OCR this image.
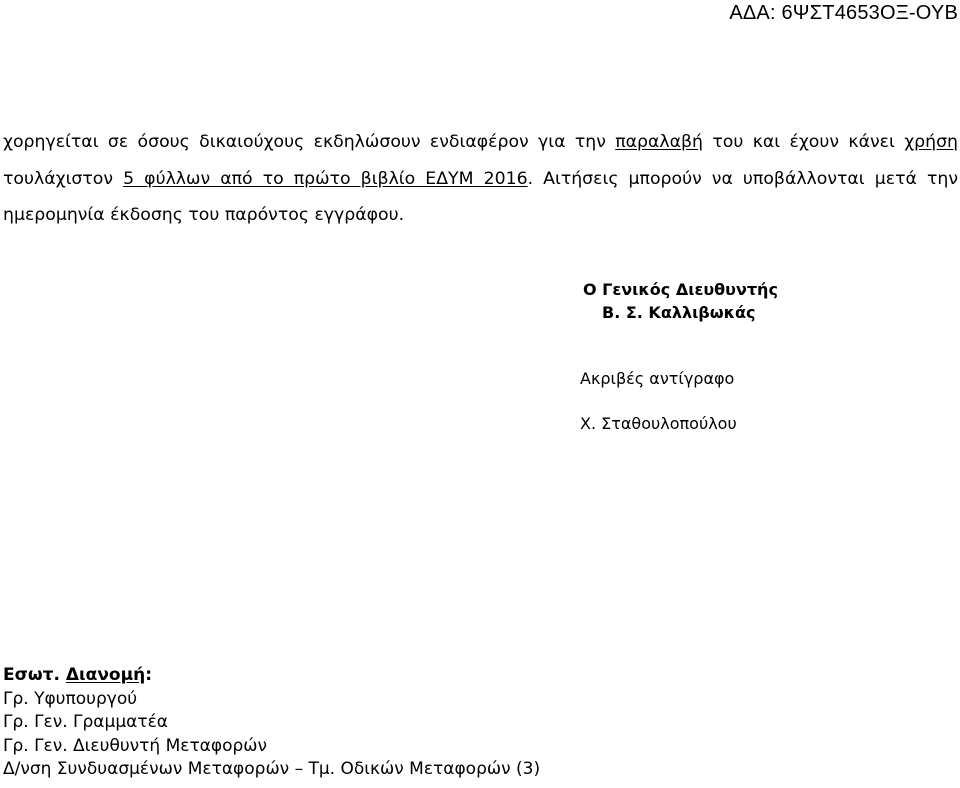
ΑΔΑ: 6ΨΣΤ4653ΟΞ-ΟΥΒ
χορηγείται σε όσους δικαιούχους εκδηλώσουν ενδιαφέρον για την παραλαβή του και έχουν κάνει χρήση τουλάχιστον 5 φύλλων από το πρώτο βιβλίο ΕΔΥΜ 2016. Αιτήσεις μπορούν να υποβάλλονται μετά την ημερομηνία έκδοσης του παρόντος εγγράφου.
Ο Γενικός Διευθυντής
Β. Σ. Καλλιβωκάς
Ακριβές αντίγραφο
Χ. Σταθουλοπούλου
Εσωτ. Διανομή:
Γρ. Υφυπουργού
Γρ. Γεν. Γραμματέα
Γρ. Γεν. Διευθυντή Μεταφορών
Δ/νση Συνδυασμένων Μεταφορών – Τμ. Οδικών Μεταφορών (3)
